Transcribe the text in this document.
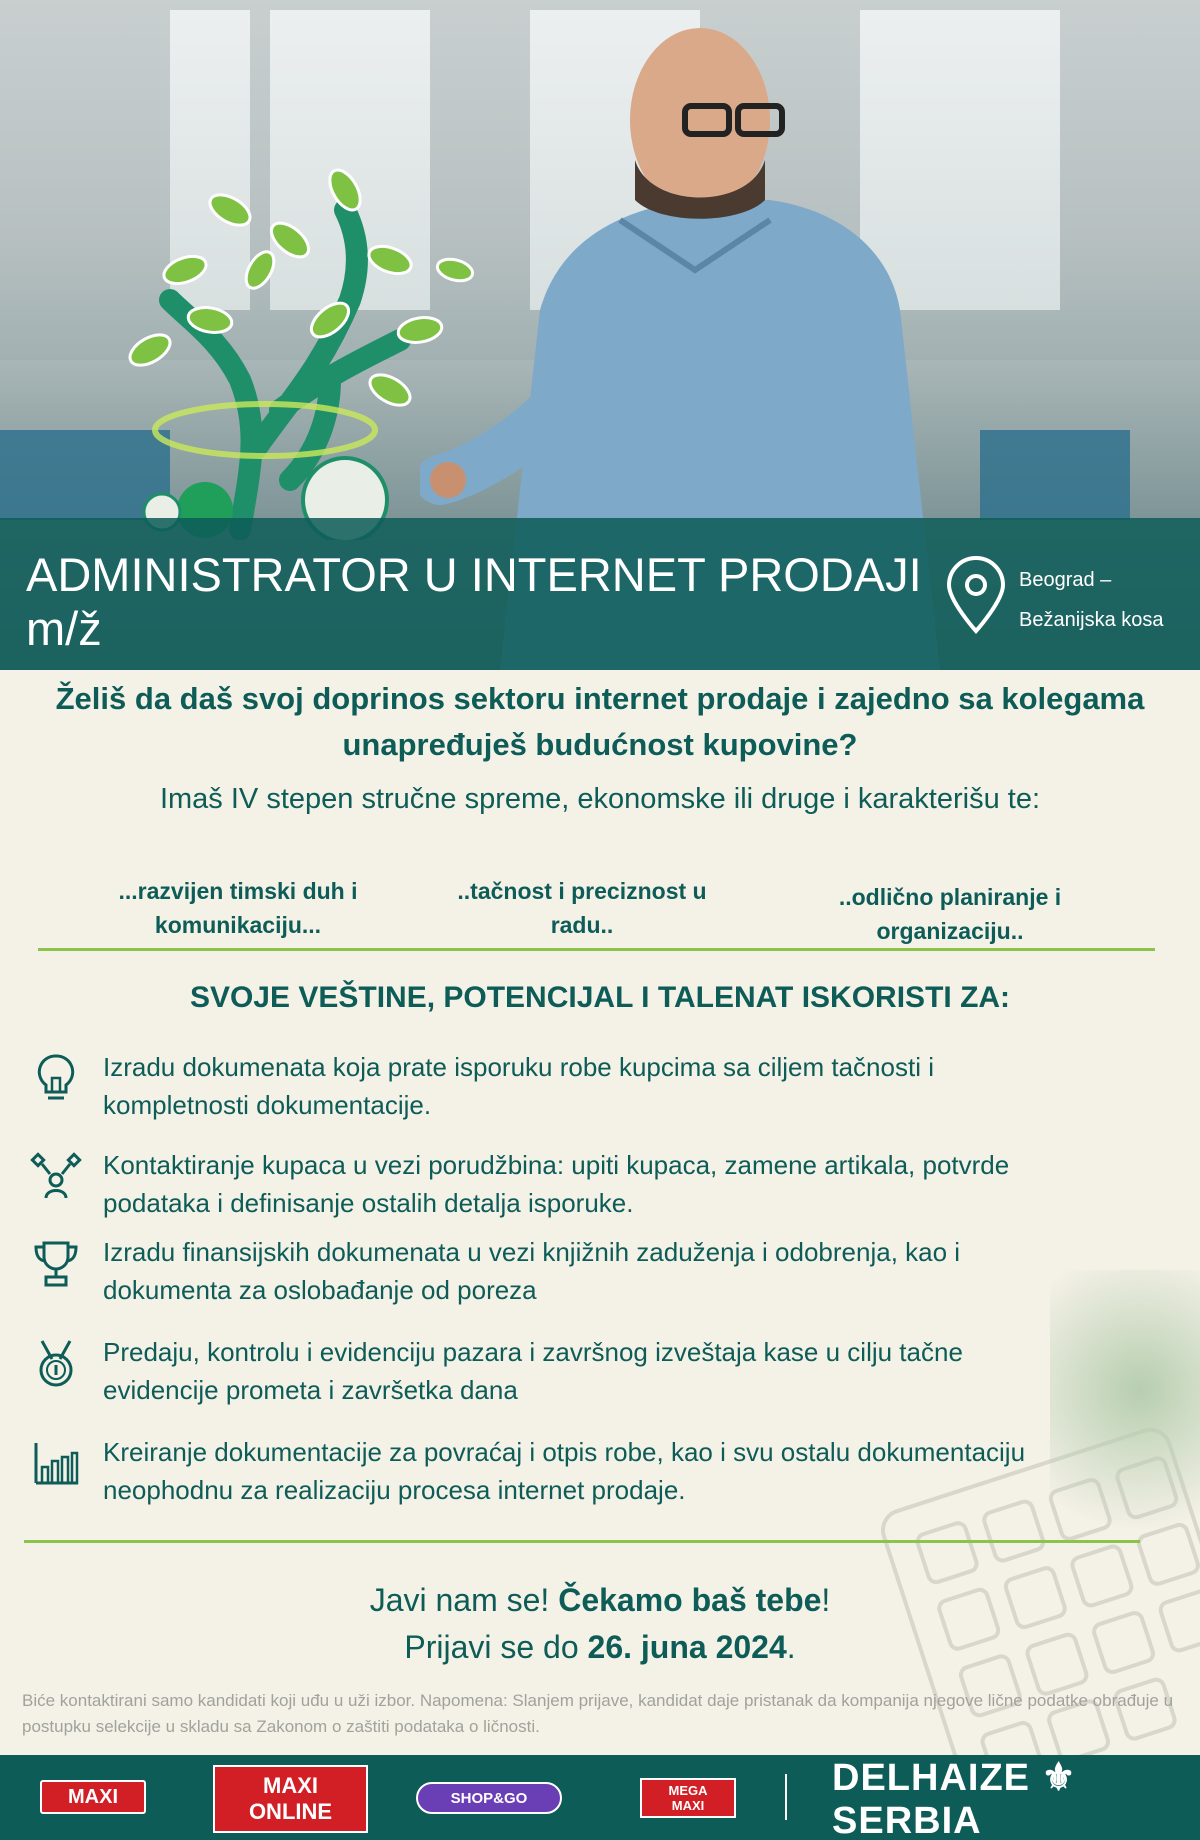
ADMINISTRATOR U INTERNET PRODAJI m/ž
Beograd –
Bežanijska kosa
Želiš da daš svoj doprinos sektoru internet prodaje i zajedno sa kolegama unapređuješ budućnost kupovine?
Imaš IV stepen stručne spreme, ekonomske ili druge i karakterišu te:
...razvijen timski duh i komunikaciju...
..tačnost i preciznost u radu..
..odlično planiranje i organizaciju..
SVOJE VEŠTINE, POTENCIJAL I TALENAT ISKORISTI ZA:
Izradu dokumenata koja prate isporuku robe kupcima sa ciljem tačnosti i kompletnosti dokumentacije.
Kontaktiranje kupaca u vezi porudžbina: upiti kupaca, zamene artikala, potvrde podataka i definisanje ostalih detalja isporuke.
Izradu finansijskih dokumenata u vezi knjižnih zaduženja i odobrenja, kao i dokumenta za oslobađanje od poreza
Predaju, kontrolu i evidenciju pazara i završnog izveštaja kase u cilju tačne evidencije prometa i završetka dana
Kreiranje dokumentacije za povraćaj i otpis robe, kao i svu ostalu dokumentaciju neophodnu za realizaciju procesa internet prodaje.
Javi nam se! Čekamo baš tebe!
Prijavi se do 26. juna 2024.
Biće kontaktirani samo kandidati koji uđu u uži izbor. Napomena: Slanjem prijave, kandidat daje pristanak da kompanija njegove lične podatke obrađuje u postupku selekcije u skladu sa Zakonom o zaštiti podataka o ličnosti.
MAXI	MAXI
ONLINE
SHOP&GO	MEGA
MAXI
DELHAIZE ⚜ SERBIA
